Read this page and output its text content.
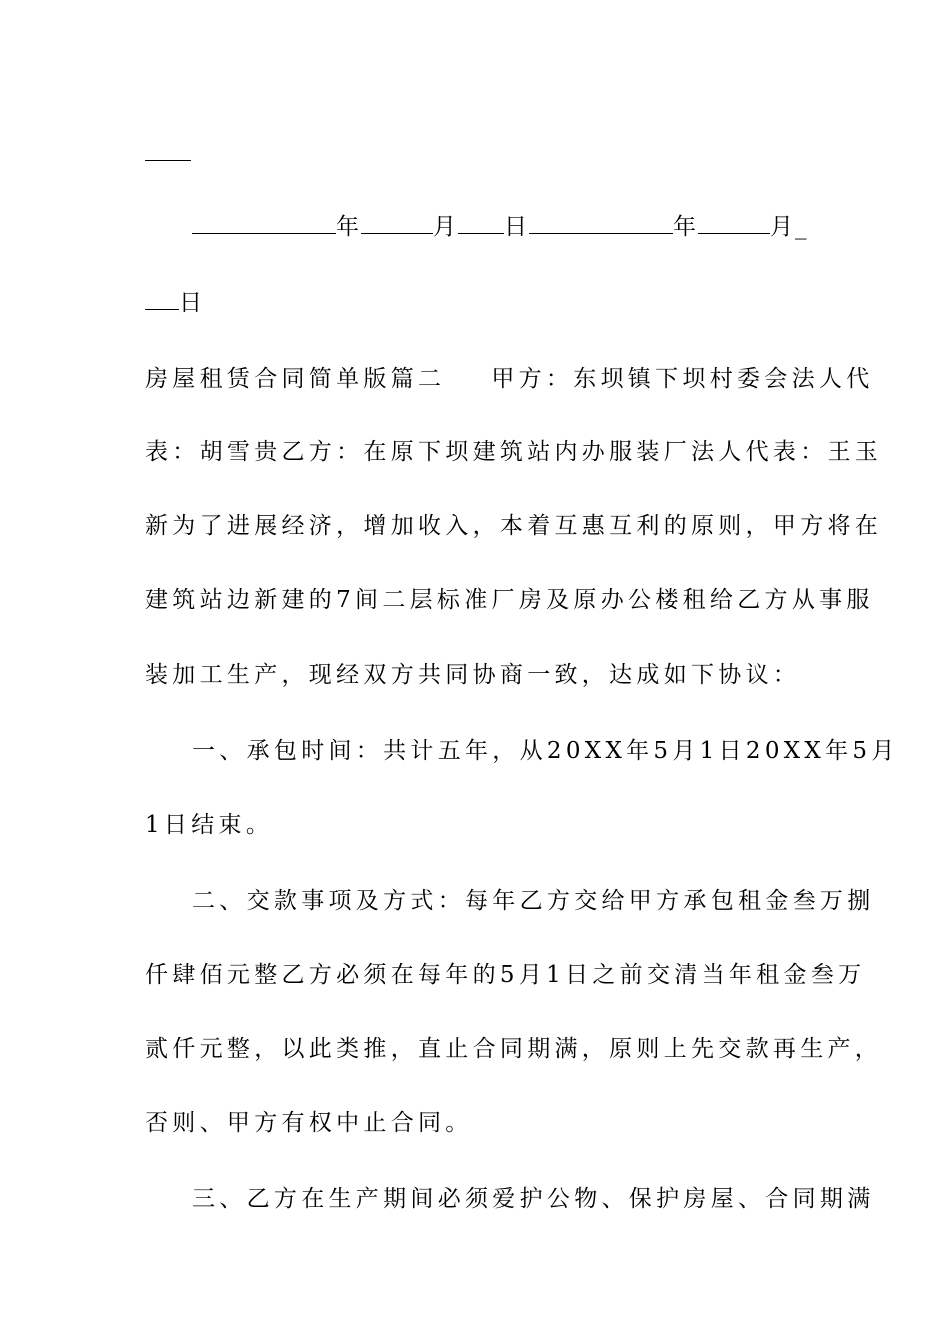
年	月 日	年	月_
日
房屋租赁合同简单版篇二 甲方：东坝镇下坝村委会法人代
表：胡雪贵乙方：在原下坝建筑站内办服装厂法人代表：王玉
新为了进展经济，增加收入，本着互惠互利的原则，甲方将在
建筑站边新建的7间二层标准厂房及原办公楼租给乙方从事服
装加工生产，现经双方共同协商一致，达成如下协议：
一、承包时间：共计五年，从20XX年5月1日20XX年5月
1日结束。
二、交款事项及方式：每年乙方交给甲方承包租金叁万捌
仟肆佰元整乙方必须在每年的5月1日之前交清当年租金叁万
贰仟元整，以此类推，直止合同期满，原则上先交款再生产，
否则、甲方有权中止合同。
三、乙方在生产期间必须爱护公物、保护房屋、合同期满
